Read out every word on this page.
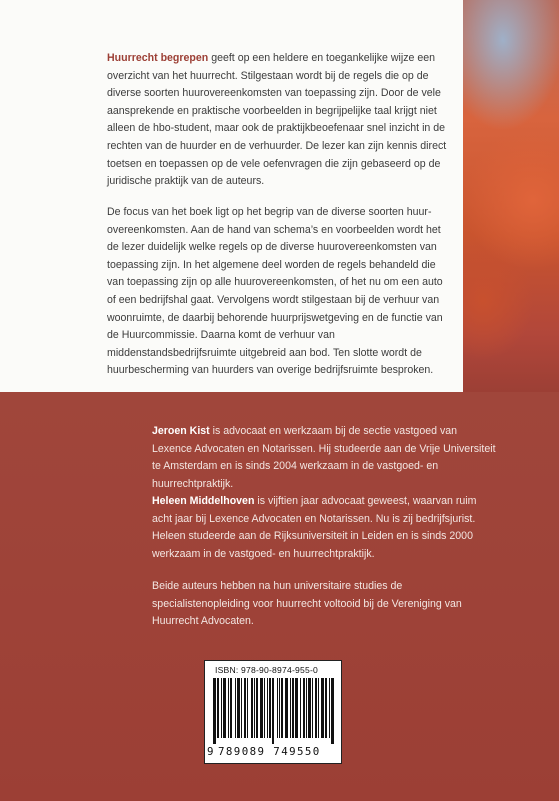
Huurrecht begrepen geeft op een heldere en toegankelijke wijze een overzicht van het huurrecht. Stilgestaan wordt bij de regels die op de diverse soorten huurovereenkomsten van toepassing zijn. Door de vele aansprekende en praktische voorbeelden in begrijpelijke taal krijgt niet alleen de hbo-student, maar ook de praktijkbeoefenaar snel inzicht in de rechten van de huurder en de verhuurder. De lezer kan zijn kennis direct toetsen en toepassen op de vele oefenvragen die zijn gebaseerd op de juridische praktijk van de auteurs.

De focus van het boek ligt op het begrip van de diverse soorten huur-overeenkomsten. Aan de hand van schema’s en voorbeelden wordt het de lezer duidelijk welke regels op de diverse huurovereenkomsten van toepassing zijn. In het algemene deel worden de regels behandeld die van toepassing zijn op alle huurovereenkomsten, of het nu om een auto of een bedrijfshal gaat. Vervolgens wordt stilgestaan bij de verhuur van woonruimte, de daarbij behorende huurprijswetgeving en de functie van de Huurcommissie. Daarna komt de verhuur van middenstandsbedrijfsruimte uitgebreid aan bod. Ten slotte wordt de huurbescherming van huurders van overige bedrijfsruimte besproken.

Jeroen Kist is advocaat en werkzaam bij de sectie vastgoed van Lexence Advocaten en Notarissen. Hij studeerde aan de Vrije Universiteit te Amsterdam en is sinds 2004 werkzaam in de vastgoed- en huurrechtpraktijk.

Heleen Middelhoven is vijftien jaar advocaat geweest, waarvan ruim acht jaar bij Lexence Advocaten en Notarissen. Nu is zij bedrijfsjurist. Heleen studeerde aan de Rijksuniversiteit in Leiden en is sinds 2000 werkzaam in de vastgoed- en huurrechtpraktijk.

Beide auteurs hebben na hun universitaire studies de specialistenopleiding voor huurrecht voltooid bij de Vereniging van Huurrecht Advocaten.

ISBN: 978-90-8974-955-0
9 789089 749550
